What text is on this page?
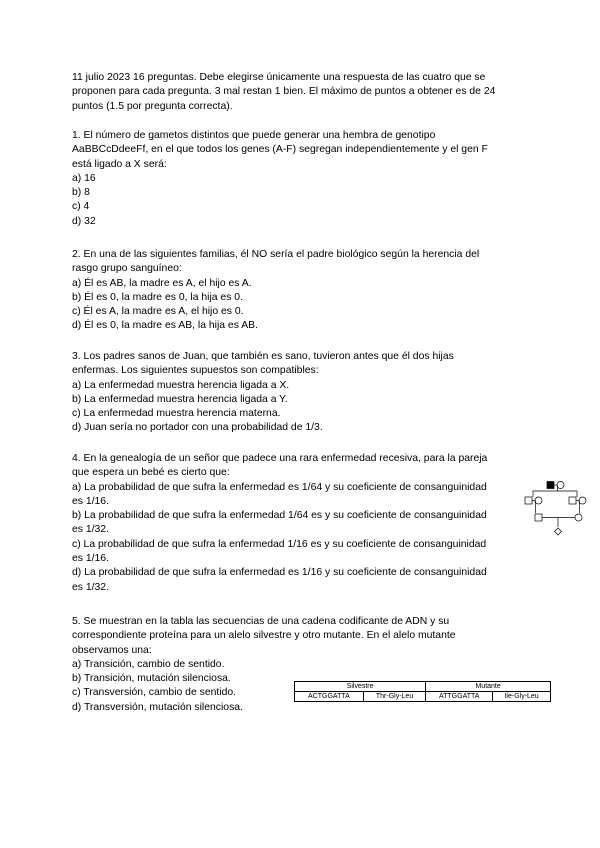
11 julio 2023 16 preguntas. Debe elegirse únicamente una respuesta de las cuatro que se
proponen para cada pregunta. 3 mal restan 1 bien. El máximo de puntos a obtener es de 24
puntos (1.5 por pregunta correcta).
1. El número de gametos distintos que puede generar una hembra de genotipo
AaBBCcDdeeFf, en el que todos los genes (A-F) segregan independientemente y el gen F
está ligado a X será:
a) 16
b) 8
c) 4
d) 32
2. En una de las siguientes familias, él NO sería el padre biológico según la herencia del
rasgo grupo sanguíneo:
a) Él es AB, la madre es A, el hijo es A.
b) Él es 0, la madre es 0, la hija es 0.
c) Él es A, la madre es A, el hijo es 0.
d) Él es 0, la madre es AB, la hija es AB.
3. Los padres sanos de Juan, que también es sano, tuvieron antes que él dos hijas
enfermas. Los siguientes supuestos son compatibles:
a) La enfermedad muestra herencia ligada a X.
b) La enfermedad muestra herencia ligada a Y.
c) La enfermedad muestra herencia materna.
d) Juan sería no portador con una probabilidad de 1/3.
4. En la genealogía de un señor que padece una rara enfermedad recesiva, para la pareja
que espera un bebé es cierto que:
a) La probabilidad de que sufra la enfermedad es 1/64 y su coeficiente de consanguinidad
es 1/16.
b) La probabilidad de que sufra la enfermedad 1/64 es y su coeficiente de consanguinidad
es 1/32.
c) La probabilidad de que sufra la enfermedad 1/16 es y su coeficiente de consanguinidad
es 1/16.
d) La probabilidad de que sufra la enfermedad es 1/16 y su coeficiente de consanguinidad
es 1/32.
5. Se muestran en la tabla las secuencias de una cadena codificante de ADN y su
correspondiente proteína para un alelo silvestre y otro mutante. En el alelo mutante
observamos una:
a) Transición, cambio de sentido.
b) Transición, mutación silenciosa.
c) Transversión, cambio de sentido.
d) Transversión, mutación silenciosa.
Silvestre		Mutante	
ACTGGATTA	Thr-Gly-Leu	ATTGGATTA	Ile-Gly-Leu
